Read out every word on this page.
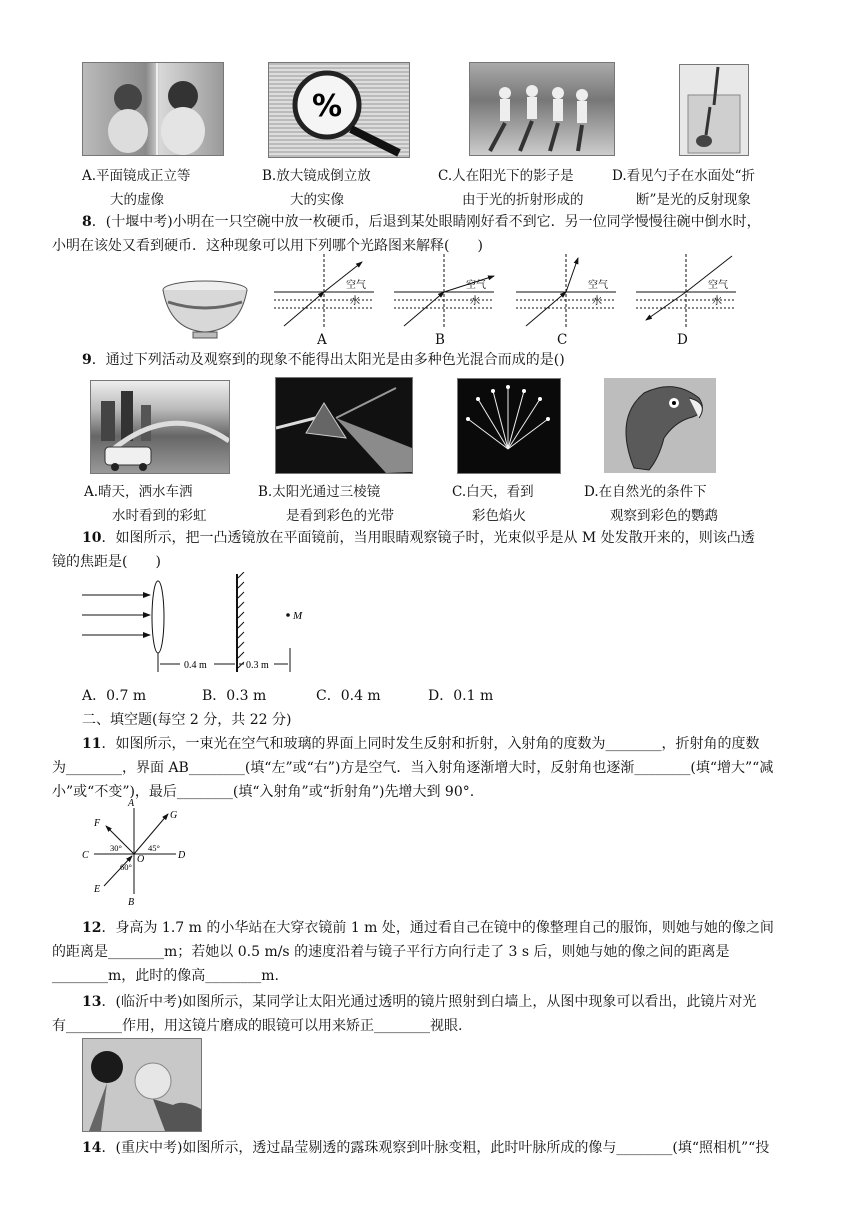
%
A.平面镜成正立等
大的虚像
B.放大镜成倒立放
大的实像
C.人在阳光下的影子是
由于光的折射形成的
D.看见勺子在水面处“折
断”是光的反射现象
8．(十堰中考)小明在一只空碗中放一枚硬币，后退到某处眼睛刚好看不到它．另一位同学慢慢往碗中倒水时，
小明在该处又看到硬币．这种现象可以用下列哪个光路图来解释(　　)
空气
水
空气
水
空气
水
空气
水
A	B	C	D
9．通过下列活动及观察到的现象不能得出太阳光是由多种色光混合而成的是()
A.晴天，洒水车洒
水时看到的彩虹
B.太阳光通过三棱镜
是看到彩色的光带
C.白天，看到
彩色焰火
D.在自然光的条件下
观察到彩色的鹦鹉
10．如图所示，把一凸透镜放在平面镜前，当用眼睛观察镜子时，光束似乎是从 M 处发散开来的，则该凸透
镜的焦距是(　　)
M
0.4 m	0.3 m
A．0.7 m	B．0.3 m	C．0.4 m	D．0.1 m
二、填空题(每空 2 分，共 22 分)
11．如图所示，一束光在空气和玻璃的界面上同时发生反射和折射，入射角的度数为________，折射角的度数
为________，界面 AB________(填“左”或“右”)方是空气．当入射角逐渐增大时，反射角也逐渐________(填“增大”“减
小”或“不变”)，最后________(填“入射角”或“折射角”)先增大到 90°.
A
B
C	D
E
F
G
O
30°	45°
60°
12．身高为 1.7 m 的小华站在大穿衣镜前 1 m 处，通过看自己在镜中的像整理自己的服饰，则她与她的像之间
的距离是________m；若她以 0.5 m/s 的速度沿着与镜子平行方向行走了 3 s 后，则她与她的像之间的距离是
________m，此时的像高________m.
13．(临沂中考)如图所示，某同学让太阳光通过透明的镜片照射到白墙上，从图中现象可以看出，此镜片对光
有________作用，用这镜片磨成的眼镜可以用来矫正________视眼.
14．(重庆中考)如图所示，透过晶莹剔透的露珠观察到叶脉变粗，此时叶脉所成的像与________(填“照相机”“投
